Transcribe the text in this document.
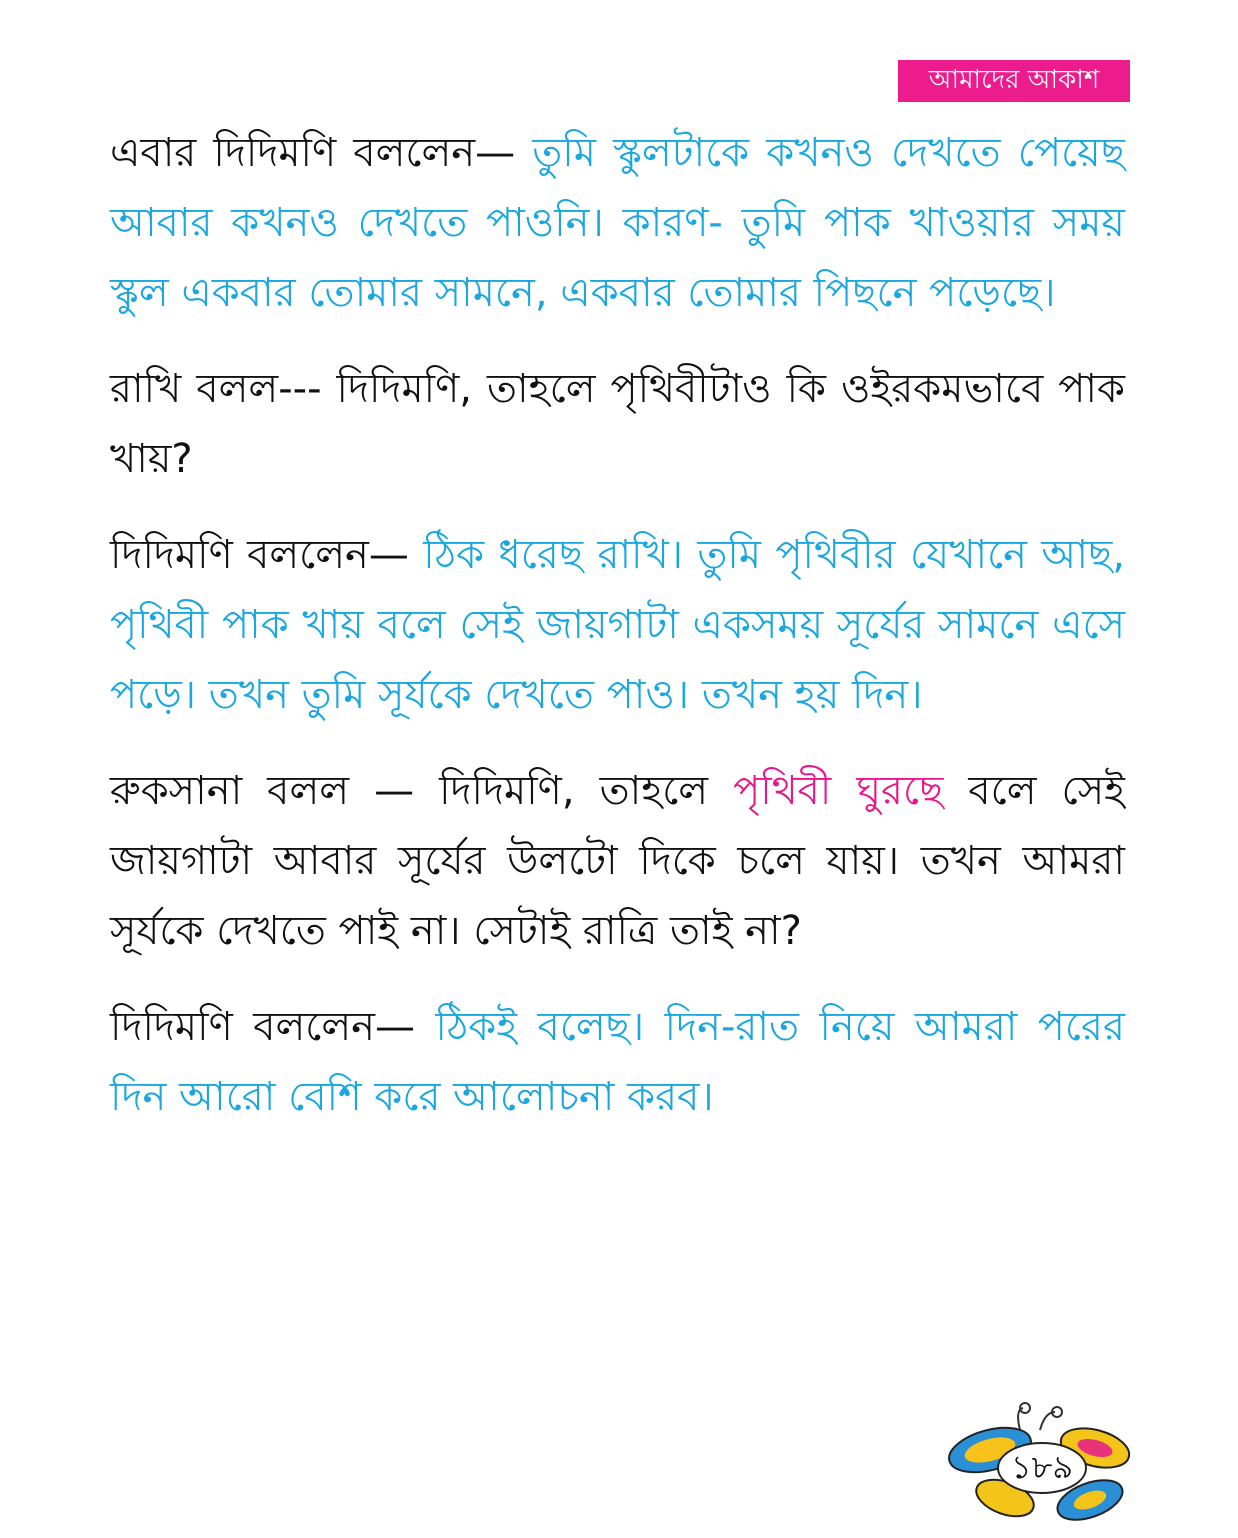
আমাদের আকাশ

এবার দিদিমণি বললেন— তুমি স্কুলটাকে কখনও দেখতে পেয়েছ আবার কখনও দেখতে পাওনি। কারণ- তুমি পাক খাওয়ার সময় স্কুল একবার তোমার সামনে, একবার তোমার পিছনে পড়েছে।

রাখি বলল--- দিদিমণি, তাহলে পৃথিবীটাও কি ওইরকমভাবে পাক খায়?

দিদিমণি বললেন— ঠিক ধরেছ রাখি। তুমি পৃথিবীর যেখানে আছ, পৃথিবী পাক খায় বলে সেই জায়গাটা একসময় সূর্যের সামনে এসে পড়ে। তখন তুমি সূর্যকে দেখতে পাও। তখন হয় দিন।

রুকসানা বলল — দিদিমণি, তাহলে পৃথিবী ঘুরছে বলে সেই জায়গাটা আবার সূর্যের উলটো দিকে চলে যায়। তখন আমরা সূর্যকে দেখতে পাই না। সেটাই রাত্রি তাই না?

দিদিমণি বললেন— ঠিকই বলেছ। দিন-রাত নিয়ে আমরা পরের দিন আরো বেশি করে আলোচনা করব।

১৮৯
